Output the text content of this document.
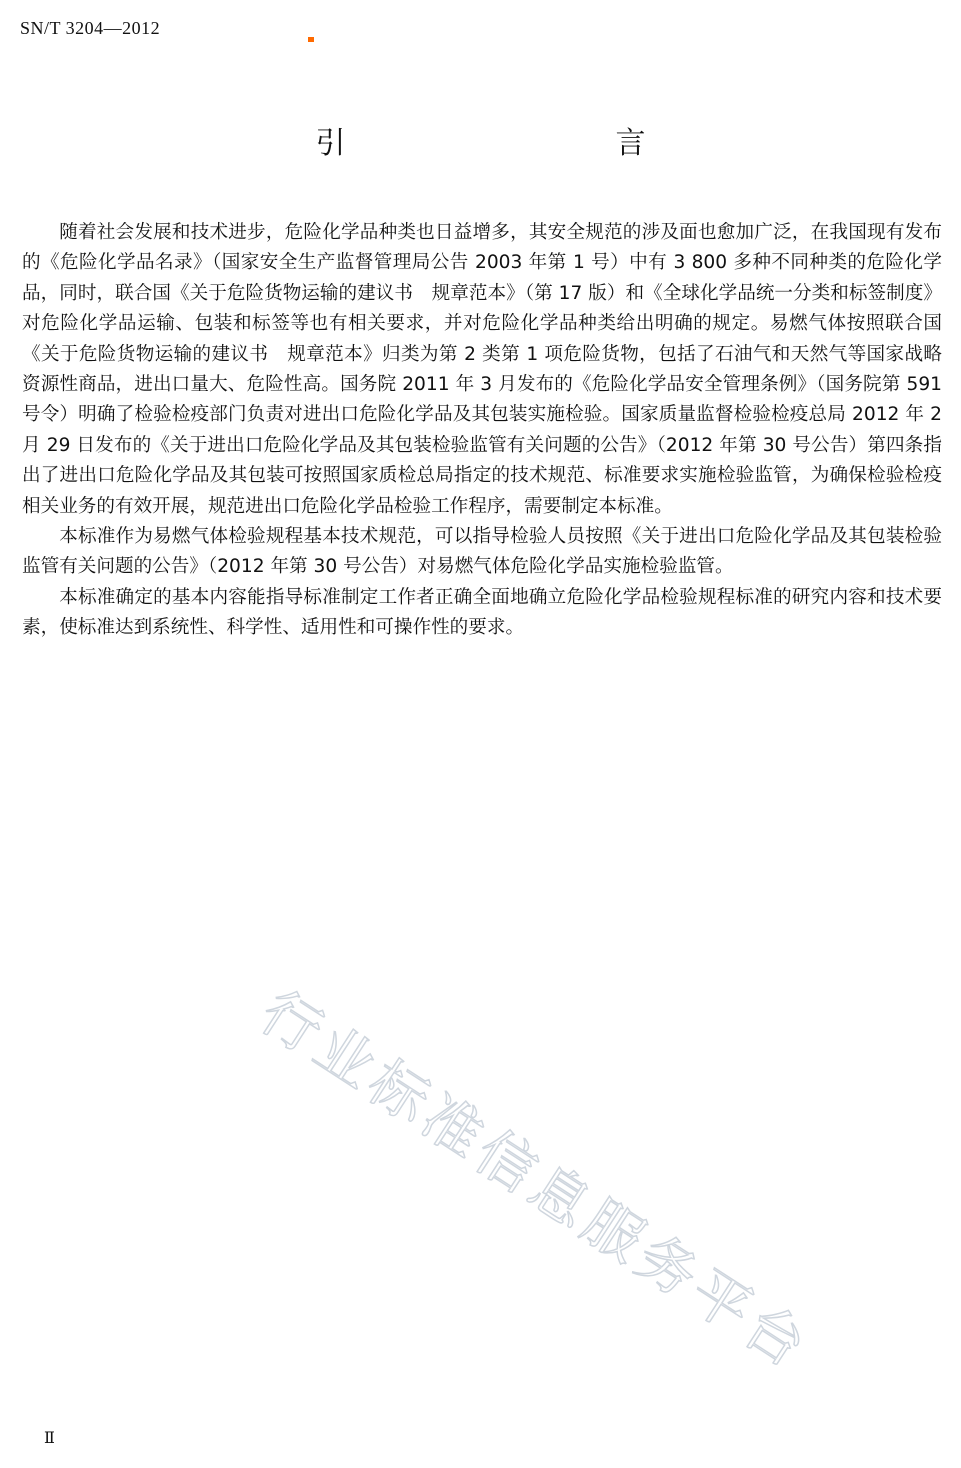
SN/T 3204—2012
引　　言

随着社会发展和技术进步，危险化学品种类也日益增多，其安全规范的涉及面也愈加广泛，在我国现有发布的《危险化学品名录》（国家安全生产监督管理局公告 2003 年第 1 号）中有 3 800 多种不同种类的危险化学品，同时，联合国《关于危险货物运输的建议书　规章范本》（第 17 版）和《全球化学品统一分类和标签制度》对危险化学品运输、包装和标签等也有相关要求，并对危险化学品种类给出明确的规定。易燃气体按照联合国《关于危险货物运输的建议书　规章范本》归类为第 2 类第 1 项危险货物，包括了石油气和天然气等国家战略资源性商品，进出口量大、危险性高。国务院 2011 年 3 月发布的《危险化学品安全管理条例》（国务院第 591 号令）明确了检验检疫部门负责对进出口危险化学品及其包装实施检验。国家质量监督检验检疫总局 2012 年 2 月 29 日发布的《关于进出口危险化学品及其包装检验监管有关问题的公告》（2012 年第 30 号公告）第四条指出了进出口危险化学品及其包装可按照国家质检总局指定的技术规范、标准要求实施检验监管，为确保检验检疫相关业务的有效开展，规范进出口危险化学品检验工作程序，需要制定本标准。

本标准作为易燃气体检验规程基本技术规范，可以指导检验人员按照《关于进出口危险化学品及其包装检验监管有关问题的公告》（2012 年第 30 号公告）对易燃气体危险化学品实施检验监管。

本标准确定的基本内容能指导标准制定工作者正确全面地确立危险化学品检验规程标准的研究内容和技术要素，使标准达到系统性、科学性、适用性和可操作性的要求。

行业标准信息服务平台
Ⅱ
